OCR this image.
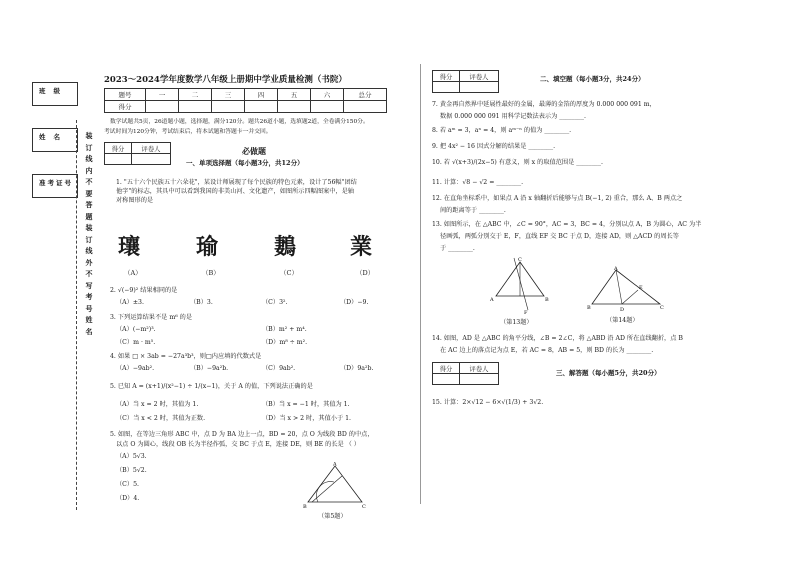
班级
姓名
准考证号
装订线内不要答题装订线外不写考号姓名
2023～2024学年度数学八年级上册期中学业质量检测（书院）
题号	一	二	三	四	五	六	总分
得分							
数学试题共5页，26道题小题，选择题，满分120分。题共26道小题，选填题2道，全卷满分150分。
考试时间为120分钟，考试结束后，将本试题和答题卡一并交回。
得分	评卷人
		必做题
一、单项选择题（每小题3分，共12分）
1. "五十六个民族五十六朵花"，某设计师展现了每个民族的特色元素，设计了56幅"团结
他字"的标志，其具中可以看到我国的非美山河、文化遗产，如图所示四幅图案中，是轴
对称图形的是
瓖	瑜	鶈 業
（A）	（B）	（C）	（D）
2. √(−9)² 结果相同的是
（A）±3.	（B）3.	（C）3².	（D）−9.
3. 下列运算结果不是 m⁶ 的是
（A）(−m²)³.	（B）m² + m⁴.
（C）m · m⁵.	（D）m⁸ ÷ m².
4. 如果 □ × 3ab = −27a³b³，则□内应填的代数式是
（A）−9ab².	（B）−9a²b.	（C）9ab².	（D）9a²b.
5. 已知 A = (x+1)/(x²−1) ÷ 1/(x−1)，关于 A 的值，下列说法正确的是
（A）当 x = 2 时，其值为 1.	（B）当 x = −1 时，其值为 1.
（C）当 x < 2 时，其值为正数.	（D）当 x > 2 时，其值小于 1.
5. 如图，在等边三角形 ABC 中，点 D 为 BA 边上一点，BD = 20，点 O 为线段 BD 的中点，
以点 O 为圆心，线段 OB 长为半径作弧，交 BC 于点 E，连接 DE，则 BE 的长是 （ ）
（A）5√3.
（B）5√2.
（C）5.
（D）4.
A
B	C
（第5题）
得分	评卷人
		二、填空题（每小题3分，共24分）
7. 黄金再自然界中延展性最好的金属，最薄的金箔的厚度为 0.000 000 091 m，
数据 0.000 000 091 用科学记数法表示为 ________.
8. 若 aᵐ = 3，aⁿ = 4，则 aᵐ⁻ⁿ 的值为 ________.
9. 把 4x² − 16 因式分解的结果是 ________.
10. 若 √(x+3)/(2x−5) 有意义，则 x 的取值范围是 ________.
11. 计算：√8 − √2 = ________.
12. 在直角坐标系中，如果点 A 沿 x 轴翻折后能够与点 B(−1, 2) 重合，那么 A、B 两点之
间的距离等于 ________.
13. 如图所示，在 △ABC 中，∠C = 90°，AC = 3，BC = 4，分别以点 A，B 为圆心，AC 为半
径画弧，两弧分别交于 E，F，直线 EF 交 BC 于点 D，连接 AD，则 △ACD 的周长等
于 ________.
C
A	B
F
（第13题）
A
B	D	C
E
（第14题）
14. 如图，AD 是 △ABC 的角平分线，∠B = 2∠C，将 △ABD 沿 AD 所在直线翻折，点 B
在 AC 边上的落点记为点 E，若 AC = 8，AB = 5，则 BD 的长为 ________.
得分	评卷人
		三、解答题（每小题5分，共20分）
15. 计算：2×√12 − 6×√(1/3) + 3√2.
